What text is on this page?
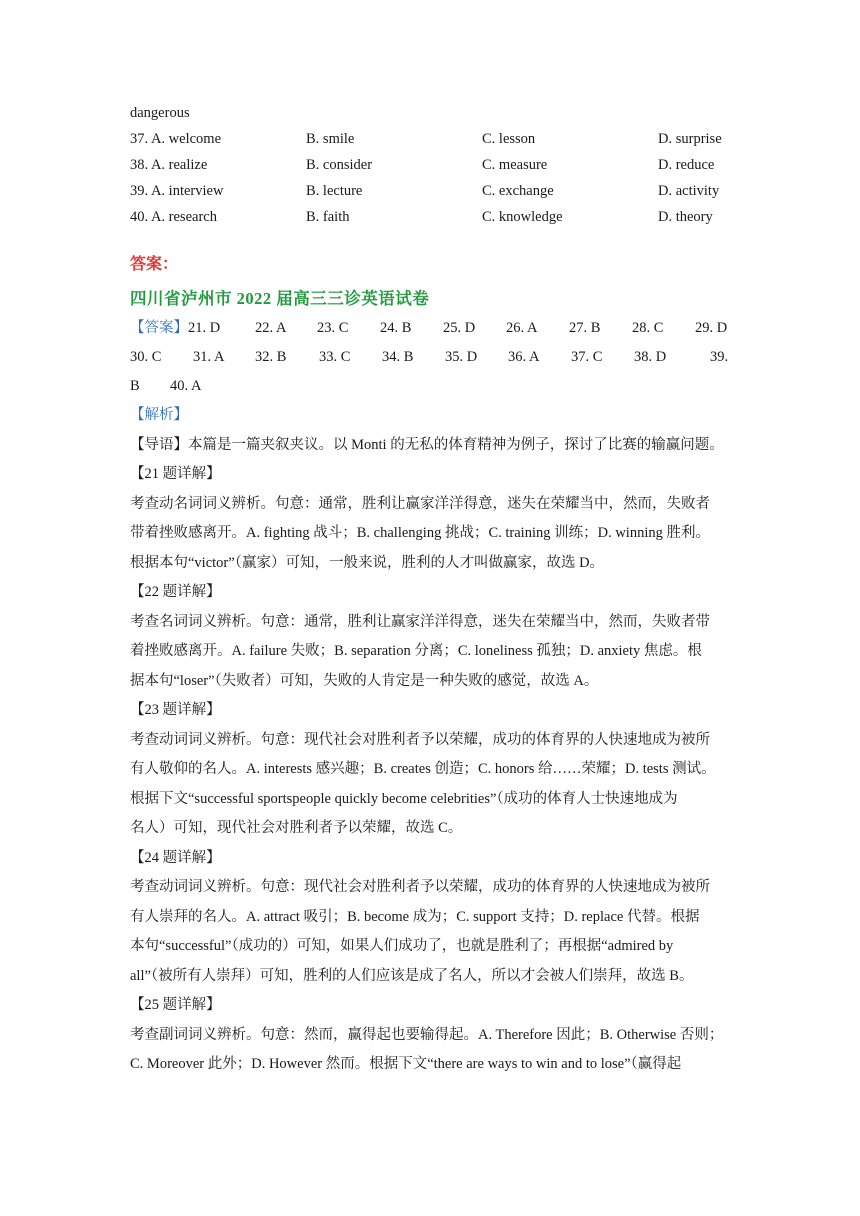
dangerous
37. A. welcome	B. smile	C. lesson	D. surprise
38. A. realize	B. consider	C. measure	D. reduce
39. A. interview	B. lecture	C. exchange	D. activity
40. A. research	B. faith	C. knowledge	D. theory
答案：
四川省泸州市 2022 届高三三诊英语试卷
【答案】 21. D 22. A 23. C 24. B 25. D 26. A 27. B 28. C 29. D
30. C 31. A 32. B 33. C 34. B 35. D 36. A 37. C 38. D	39.
B 40. A
【解析】
【导语】本篇是一篇夹叙夹议。以 Monti 的无私的体育精神为例子，探讨了比赛的输赢问题。
【21 题详解】
考查动名词词义辨析。句意：通常，胜利让赢家洋洋得意，迷失在荣耀当中，然而，失败者
带着挫败感离开。A. fighting 战斗；B. challenging 挑战；C. training 训练；D. winning 胜利。
根据本句“victor”（赢家）可知，一般来说，胜利的人才叫做赢家，故选 D。
【22 题详解】
考查名词词义辨析。句意：通常，胜利让赢家洋洋得意，迷失在荣耀当中，然而，失败者带
着挫败感离开。A. failure 失败；B. separation 分离；C. loneliness 孤独；D. anxiety 焦虑。根
据本句“loser”（失败者）可知，失败的人肯定是一种失败的感觉，故选 A。
【23 题详解】
考查动词词义辨析。句意：现代社会对胜利者予以荣耀，成功的体育界的人快速地成为被所
有人敬仰的名人。A. interests 感兴趣；B. creates 创造；C. honors 给……荣耀；D. tests 测试。
根据下文“successful sportspeople quickly become celebrities”（成功的体育人士快速地成为
名人）可知，现代社会对胜利者予以荣耀，故选 C。
【24 题详解】
考查动词词义辨析。句意：现代社会对胜利者予以荣耀，成功的体育界的人快速地成为被所
有人崇拜的名人。A. attract 吸引；B. become 成为；C. support 支持；D. replace 代替。根据
本句“successful”（成功的）可知，如果人们成功了，也就是胜利了；再根据“admired by
all”（被所有人崇拜）可知，胜利的人们应该是成了名人，所以才会被人们崇拜，故选 B。
【25 题详解】
考查副词词义辨析。句意：然而，赢得起也要输得起。A. Therefore 因此；B. Otherwise 否则；
C. Moreover 此外；D. However 然而。根据下文“there are ways to win and to lose”（赢得起
